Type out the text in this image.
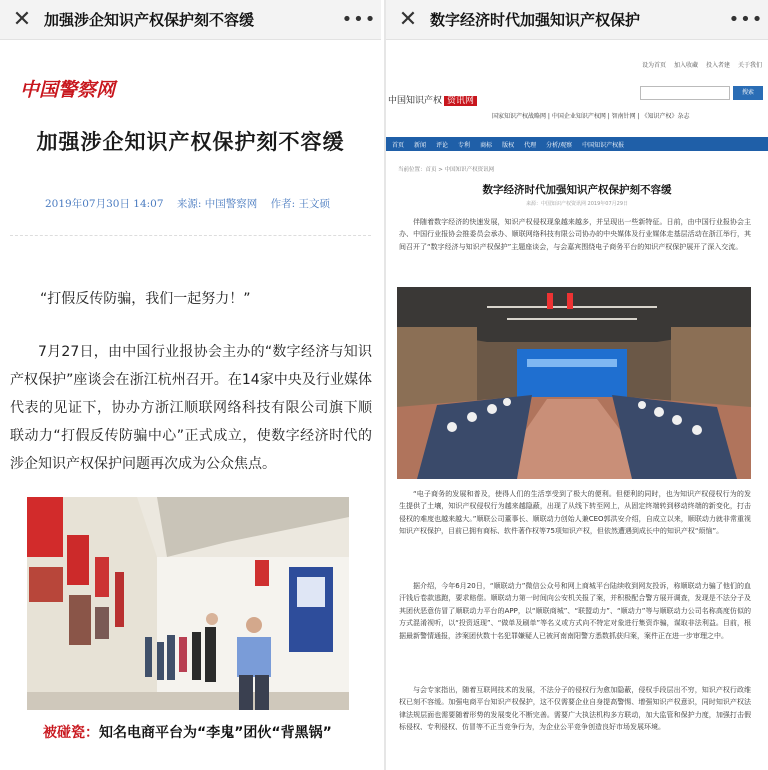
✕ 加强涉企知识产权保护刻不容缓	•••
中国警察网
加强涉企知识产权保护刻不容缓
2019年07月30日 14:07 来源: 中国警察网 作者: 王文硕
“打假反传防骗，我们一起努力！”
7月27日，由中国行业报协会主办的“数字经济与知识产权保护”座谈会在浙江杭州召开。在14家中央及行业媒体代表的见证下，协办方浙江顺联网络科技有限公司旗下顺联动力“打假反传防骗中心”正式成立，使数字经济时代的涉企知识产权保护问题再次成为公众焦点。
被碰瓷：知名电商平台为“李鬼”团伙“背黑锅”
✕ 数字经济时代加强知识产权保护	•••
设为首页 加入收藏 投入者建 关于我们
中国知识产权 资讯网
搜索
国家知识产权战略网 | 中国企业知识产权网 | 智南针网 | 《知识产权》杂志
首页 新闻 评论 专利 商标 版权 代理 分析/观察 中国知识产权报
当前位置：首页 > 中国知识产权资讯网
数字经济时代加强知识产权保护刻不容缓
来源：中国知识产权资讯网 2019年07月29日
伴随着数字经济的快速发展，知识产权侵权现象越来越多，并呈现出一些新特征。日前，由中国行业报协会主办、中国行业报协会推委员会承办、顺联网络科技有限公司协办的中央媒体及行业媒体走基层活动在浙江举行，其间召开了“数字经济与知识产权保护”主题座谈会，与会嘉宾围绕电子商务平台的知识产权保护展开了深入交流。
“电子商务的发展和普及，使得人们的生活享受到了极大的便利。但便利的同时，也为知识产权侵权行为的发生提供了土壤，知识产权侵权行为越来越隐蔽，出现了从线下转至网上，从固定终端转到移动终端的新变化，打击侵权的难度也越来越大。”顺联公司董事长、顺联动力创始人兼CEO郭洪安介绍，自成立以来，顺联动力就非常重视知识产权保护，目前已拥有商标、软件著作权等75项知识产权，但依然遭遇到成长中的知识产权“烦恼”。
据介绍，今年6月20日，“顺联动力”微信公众号和网上商城平台陆续收到网友投诉，称顺联动力骗了他们的血汗钱后卷款逃跑，要求赔偿。顺联动力第一时间向公安机关报了案，并积极配合警方展开调查，发现是不法分子及其团伙恶意仿冒了顺联动力平台的APP，以“顺联商城”、“联盟动力”、“顺动力”等与顺联动力公司名称高度仿似的方式混淆视听，以“投资返现”、“做单及刷单”等名义或方式向不特定对象进行集资诈骗，谋取非法利益。目前，根据最新警情通报，涉案团伙数十名犯罪嫌疑人已被河南南阳警方悉数抓获归案，案件正在进一步审理之中。
与会专家指出，随着互联网技术的发展，不法分子的侵权行为愈加隐蔽，侵权手段层出不穷，知识产权行政维权已刻不容缓。加强电商平台知识产权保护，这不仅需要企业自身提高警惕、增强知识产权意识，同时知识产权法律法规层面也需要随着形势的发展变化不断完善。需要广大执法机构多方联动，加大监管和保护力度，加强打击假标侵权、专利侵权、仿冒等不正当竞争行为，为企业公平竞争创造良好市场发展环境。
